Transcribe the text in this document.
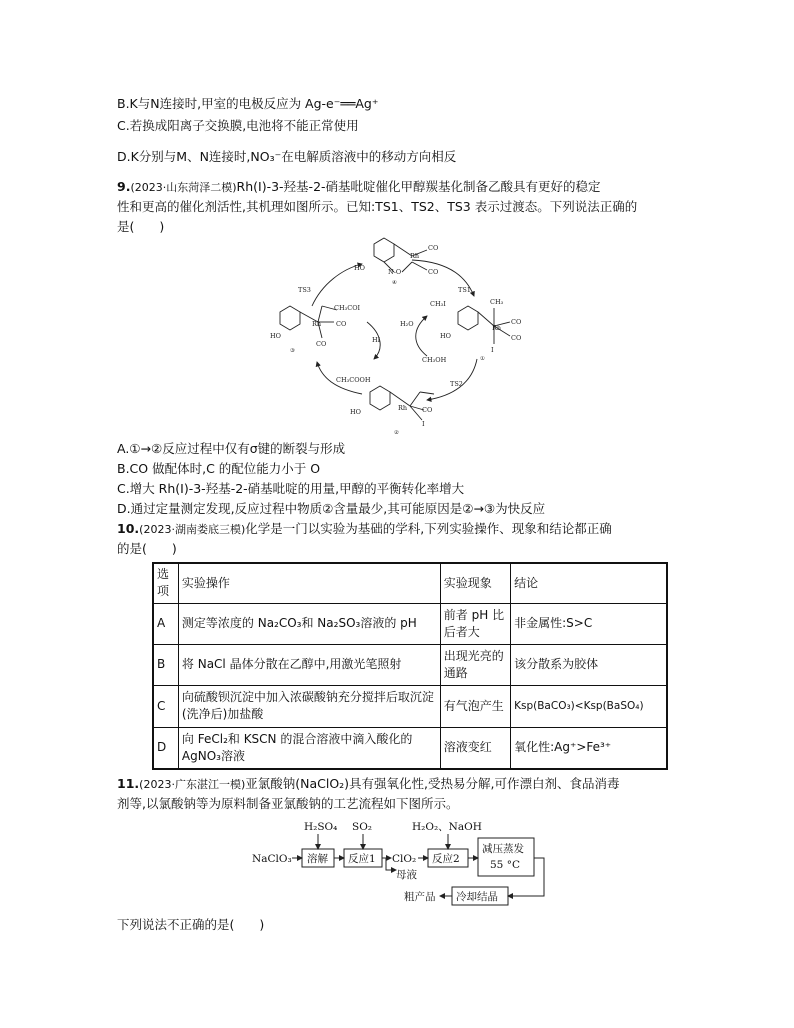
B.K与N连接时,甲室的电极反应为 Ag-e⁻══Ag⁺
C.若换成阳离子交换膜,电池将不能正常使用
D.K分别与M、N连接时,NO₃⁻在电解质溶液中的移动方向相反
9.(2023·山东菏泽二模)Rh(I)-3-羟基-2-硝基吡啶催化甲醇羰基化制备乙酸具有更好的稳定
性和更高的催化剂活性,其机理如图所示。已知:TS1、TS2、TS3 表示过渡态。下列说法正确的
是(　　)
Rh
CO
CO
HO	N-O
④
TS1
CH₃I	CH₃
Rh
CO
CO
I
HO
①
TS2
Rh CO
I
HO
②
CH₃COOH
HI
H₂O
CH₃OH
CH₃COI
TS3
Rh CO
CO
HO
③
A.①→②反应过程中仅有σ键的断裂与形成
B.CO 做配体时,C 的配位能力小于 O
C.增大 Rh(I)-3-羟基-2-硝基吡啶的用量,甲醇的平衡转化率增大
D.通过定量测定发现,反应过程中物质②含量最少,其可能原因是②→③为快反应
10.(2023·湖南娄底三模)化学是一门以实验为基础的学科,下列实验操作、现象和结论都正确
的是(　　)
选项	实验操作	实验现象	结论
A	测定等浓度的 Na₂CO₃和 Na₂SO₃溶液的 pH	前者 pH 比后者大	非金属性:S>C
B	将 NaCl 晶体分散在乙醇中,用激光笔照射	出现光亮的通路	该分散系为胶体
C	向硫酸钡沉淀中加入浓碳酸钠充分搅拌后取沉淀(洗净后)加盐酸	有气泡产生	Ksp(BaCO₃)<Ksp(BaSO₄)
D	向 FeCl₂和 KSCN 的混合溶液中滴入酸化的 AgNO₃溶液	溶液变红	氧化性:Ag⁺>Fe³⁺
11.(2023·广东湛江一模)亚氯酸钠(NaClO₂)具有强氧化性,受热易分解,可作漂白剂、食品消毒
剂等,以氯酸钠等为原料制备亚氯酸钠的工艺流程如下图所示。
NaClO₃
H₂SO₄ SO₂	H₂O₂、NaOH
溶解 反应1 ClO₂ 反应2
母液
减压蒸发
55 °C
冷却结晶
粗产品
下列说法不正确的是(　　)
